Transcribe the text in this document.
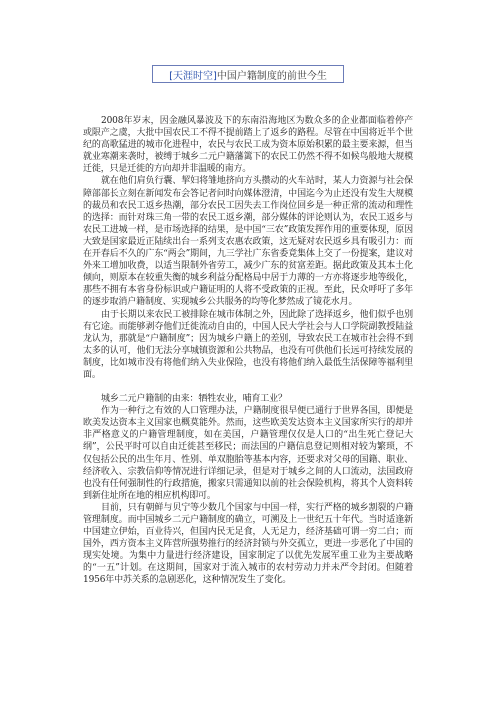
[天涯时空] 中国户籍制度的前世今生

2008年岁末，因金融风暴波及下的东南沿海地区为数众多的企业都面临着停产或限产之虞，大批中国农民工不得不提前踏上了返乡的路程。尽管在中国将近半个世纪的高歌猛进的城市化进程中，农民与农民工成为资本原始积累的最主要来源，但当就业寒潮来袭时，被缚于城乡二元户籍藩篱下的农民工仍然不得不如候鸟般地大规模迁徙，只是迁徙的方向却并非温暖的南方。

就在他们肩负行囊、挈妇将雏地挤向方头攒动的火车站时，某人力资源与社会保障部部长立刻在新闻发布会答记者问时向媒体澄清，中国迄今为止还没有发生大规模的裁员和农民工返乡热潮，部分农民工因失去工作岗位回乡是一种正常的流动和理性的选择：而针对珠三角一带的农民工返乡潮，部分媒体的评论则认为，农民工返乡与农民工进城一样，是市场选择的结果，是中国“三农”政策发挥作用的重要体现，原因大致是国家最近正陆续出台一系列支农惠农政策，这无疑对农民返乡具有吸引力：而在开春后不久的广东“两会”期间，九三学社广东省委竟集体上交了一份提案，建议对外来工增加收费，以适当限制外省劳工，减少广东的贫富差距。据此政策及其本土化倾向，则原本在较重失衡的城乡利益分配格局中居于力薄的一方亦将逐步地等级化，那些不拥有本省身份标识或户籍证明的人将不受政策的正视。至此，民众呼吁了多年的逐步取消户籍制度、实现城乡公共服务的均等化梦然成了镜花水月。

由于长期以来农民工被排除在城市体制之外，因此除了选择返乡，他们似乎也别有它途。而能够剥夺他们迁徙流动自由的，中国人民大学社会与人口学院副教授陆益龙认为，那就是“户籍制度”；因为城乡户籍上的差别，导致农民工在城市社会得不到太多的认可，他们无法分享城镇资源和公共物品，也没有可供他们长远可持续发展的制度，比如城市没有将他们纳入失业保险，也没有将他们纳入最低生活保障等福利里面。

城乡二元户籍制的由来：牺牲农业，哺育工业？

作为一种行之有效的人口管理办法，户籍制度很早便已通行于世界各国，即便是欧美发达资本主义国家也概莫能外。然而，这些欧美发达资本主义国家所实行的却并非严格意义的户籍管理制度，如在美国，户籍管理仅仅是人口的“出生死亡登记大纲”，公民平时可以自由迁徙甚至移民；而法国的户籍信息登记则相对较为繁琐，不仅包括公民的出生年月、性别、单双胞胎等基本内容，还要求对父母的国籍、职业、经济收入、宗教信仰等情况进行详细记录，但是对于城乡之间的人口流动，法国政府也没有任何强制性的行政措施，搬家只需通知以前的社会保险机构，将其个人资料转到新住址所在地的相应机构即可。

目前，只有朝鲜与贝宁等少数几个国家与中国一样，实行严格的城乡割裂的户籍管理制度。而中国城乡二元户籍制度的确立，可溯及上一世纪五十年代。当时适逢新中国建立伊始，百业待兴，但国内民无足食，人无足力，经济基础可谓一穷二白；而国外，西方资本主义阵营所强势推行的经济封锁与外交孤立，更进一步恶化了中国的现实处境。为集中力量进行经济建设，国家制定了以优先发展军重工业为主要战略的“一五”计划。在这期间，国家对于流入城市的农村劳动力并未严令封闭。但随着1956年中苏关系的急剧恶化，这种情况发生了变化。
